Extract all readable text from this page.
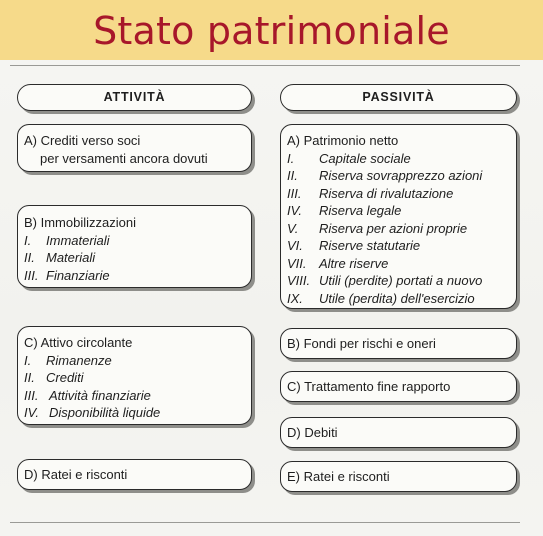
Stato patrimoniale
ATTIVITÀ
A) Crediti verso soci
per versamenti ancora dovuti
B) Immobilizzazioni
I.	Immateriali
II. Materiali
III. Finanziarie
C) Attivo circolante
I.	Rimanenze
II. Crediti
III. Attività finanziarie
IV. Disponibilità liquide
D) Ratei e risconti
PASSIVITÀ
A) Patrimonio netto
I.	Capitale sociale
II.	Riserva sovrapprezzo azioni
III.	Riserva di rivalutazione
IV.	Riserva legale
V.	Riserva per azioni proprie
VI.	Riserve statutarie
VII. Altre riserve
VIII. Utili (perdite) portati a nuovo
IX.	Utile (perdita) dell'esercizio
B) Fondi per rischi e oneri
C) Trattamento fine rapporto
D) Debiti
E) Ratei e risconti
